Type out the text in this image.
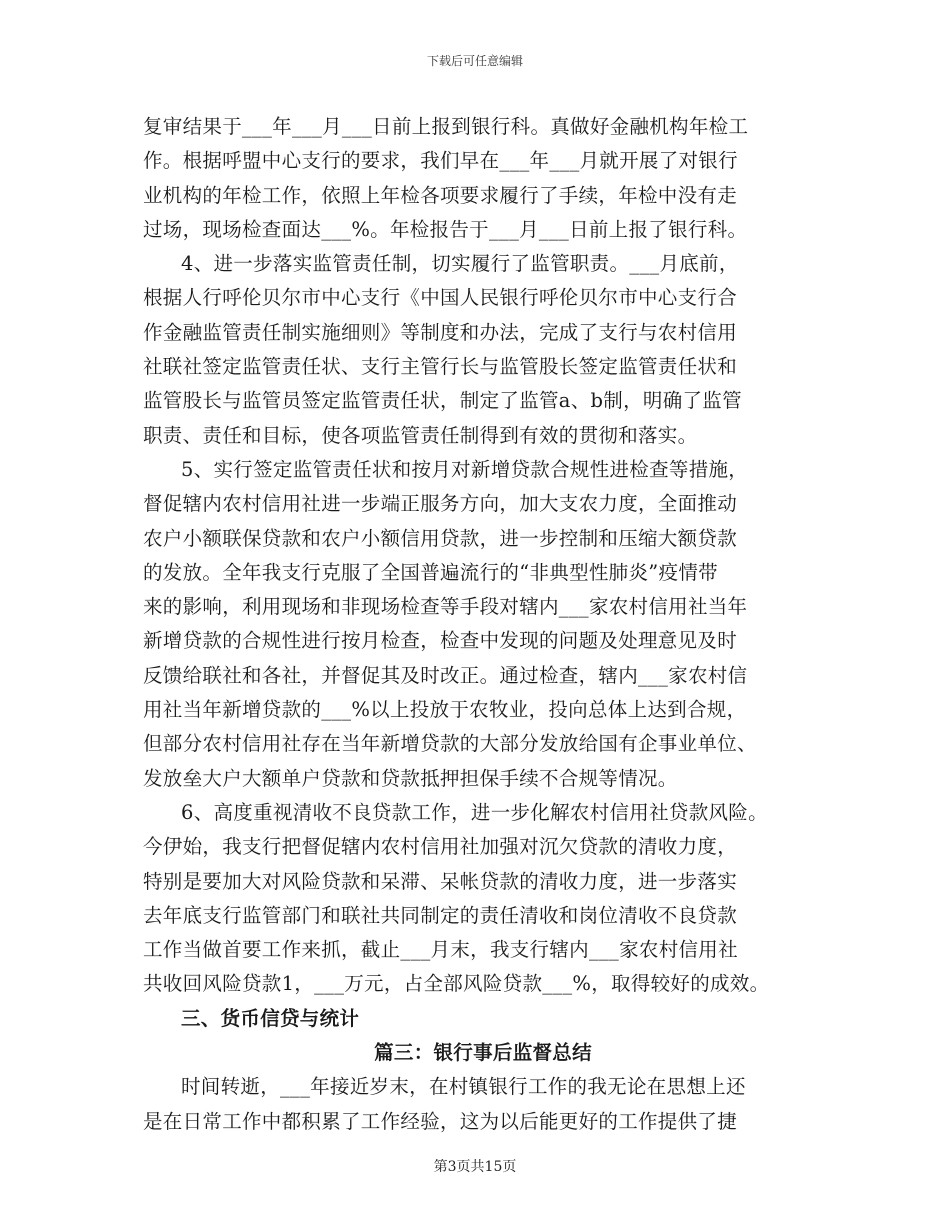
下载后可任意编辑
复审结果于___年___月___日前上报到银行科。真做好金融机构年检工
作。根据呼盟中心支行的要求，我们早在___年___月就开展了对银行
业机构的年检工作，依照上年检各项要求履行了手续，年检中没有走
过场，现场检查面达___%。年检报告于___月___日前上报了银行科。
4、进一步落实监管责任制，切实履行了监管职责。___月底前，
根据人行呼伦贝尔市中心支行《中国人民银行呼伦贝尔市中心支行合
作金融监管责任制实施细则》等制度和办法，完成了支行与农村信用
社联社签定监管责任状、支行主管行长与监管股长签定监管责任状和
监管股长与监管员签定监管责任状，制定了监管a、b制，明确了监管
职责、责任和目标，使各项监管责任制得到有效的贯彻和落实。
5、实行签定监管责任状和按月对新增贷款合规性进检查等措施，
督促辖内农村信用社进一步端正服务方向，加大支农力度，全面推动
农户小额联保贷款和农户小额信用贷款，进一步控制和压缩大额贷款
的发放。全年我支行克服了全国普遍流行的“非典型性肺炎”疫情带
来的影响，利用现场和非现场检查等手段对辖内___家农村信用社当年
新增贷款的合规性进行按月检查，检查中发现的问题及处理意见及时
反馈给联社和各社，并督促其及时改正。通过检查，辖内___家农村信
用社当年新增贷款的___%以上投放于农牧业，投向总体上达到合规，
但部分农村信用社存在当年新增贷款的大部分发放给国有企事业单位、
发放垒大户大额单户贷款和贷款抵押担保手续不合规等情况。
6、高度重视清收不良贷款工作，进一步化解农村信用社贷款风险。
今伊始，我支行把督促辖内农村信用社加强对沉欠贷款的清收力度，
特别是要加大对风险贷款和呆滞、呆帐贷款的清收力度，进一步落实
去年底支行监管部门和联社共同制定的责任清收和岗位清收不良贷款
工作当做首要工作来抓，截止___月末，我支行辖内___家农村信用社
共收回风险贷款1，___万元，占全部风险贷款___%，取得较好的成效。
三、货币信贷与统计
篇三：银行事后监督总结
时间转逝，___年接近岁末，在村镇银行工作的我无论在思想上还
是在日常工作中都积累了工作经验，这为以后能更好的工作提供了捷
第3页共15页
